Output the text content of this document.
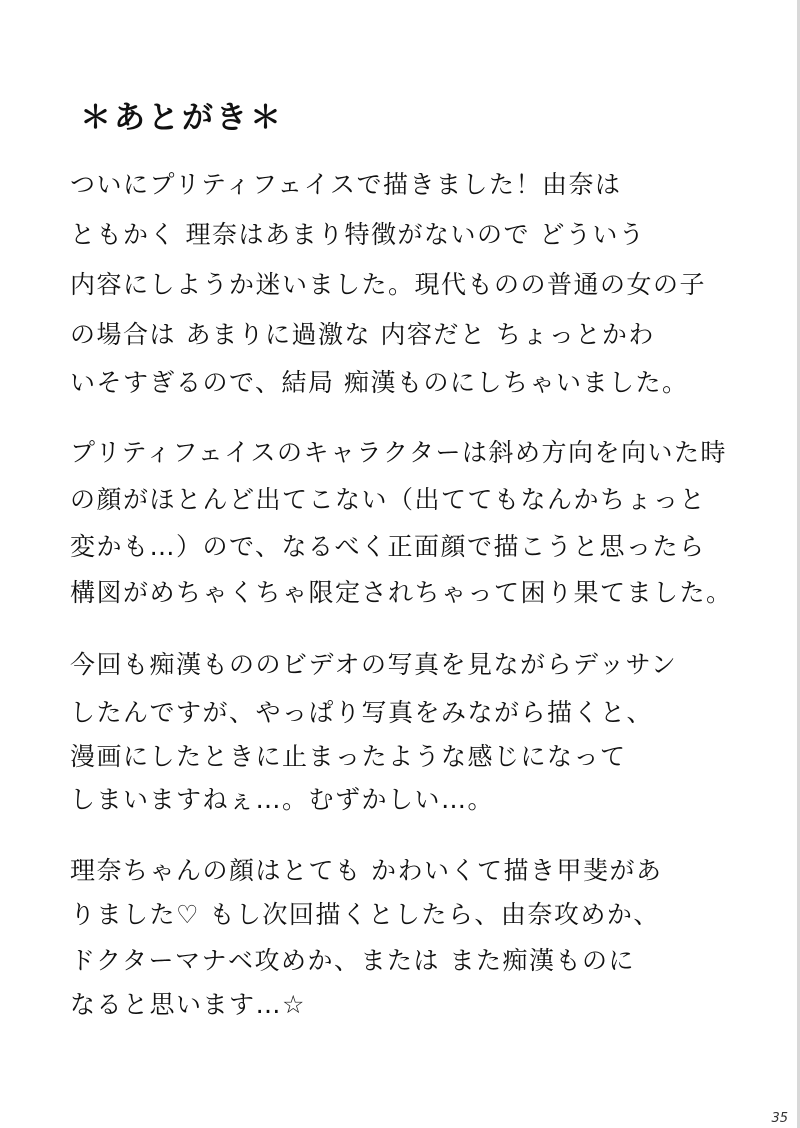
＊あとがき＊
ついにプリティフェイスで描きました！由奈は
ともかく 理奈はあまり特徴がないので どういう
内容にしようか迷いました。現代ものの普通の女の子
の場合は あまりに過激な 内容だと ちょっとかわ
いそすぎるので、結局 痴漢ものにしちゃいました。
プリティフェイスのキャラクターは斜め方向を向いた時
の顔がほとんど出てこない（出ててもなんかちょっと
変かも…）ので、なるべく正面顔で描こうと思ったら
構図がめちゃくちゃ限定されちゃって困り果てました。
今回も痴漢もののビデオの写真を見ながらデッサン
したんですが、やっぱり写真をみながら描くと、
漫画にしたときに止まったような感じになって
しまいますねぇ…。むずかしい…。
理奈ちゃんの顔はとても かわいくて描き甲斐があ
りました♡ もし次回描くとしたら、由奈攻めか、
ドクターマナベ攻めか、または また痴漢ものに
なると思います…☆
35
